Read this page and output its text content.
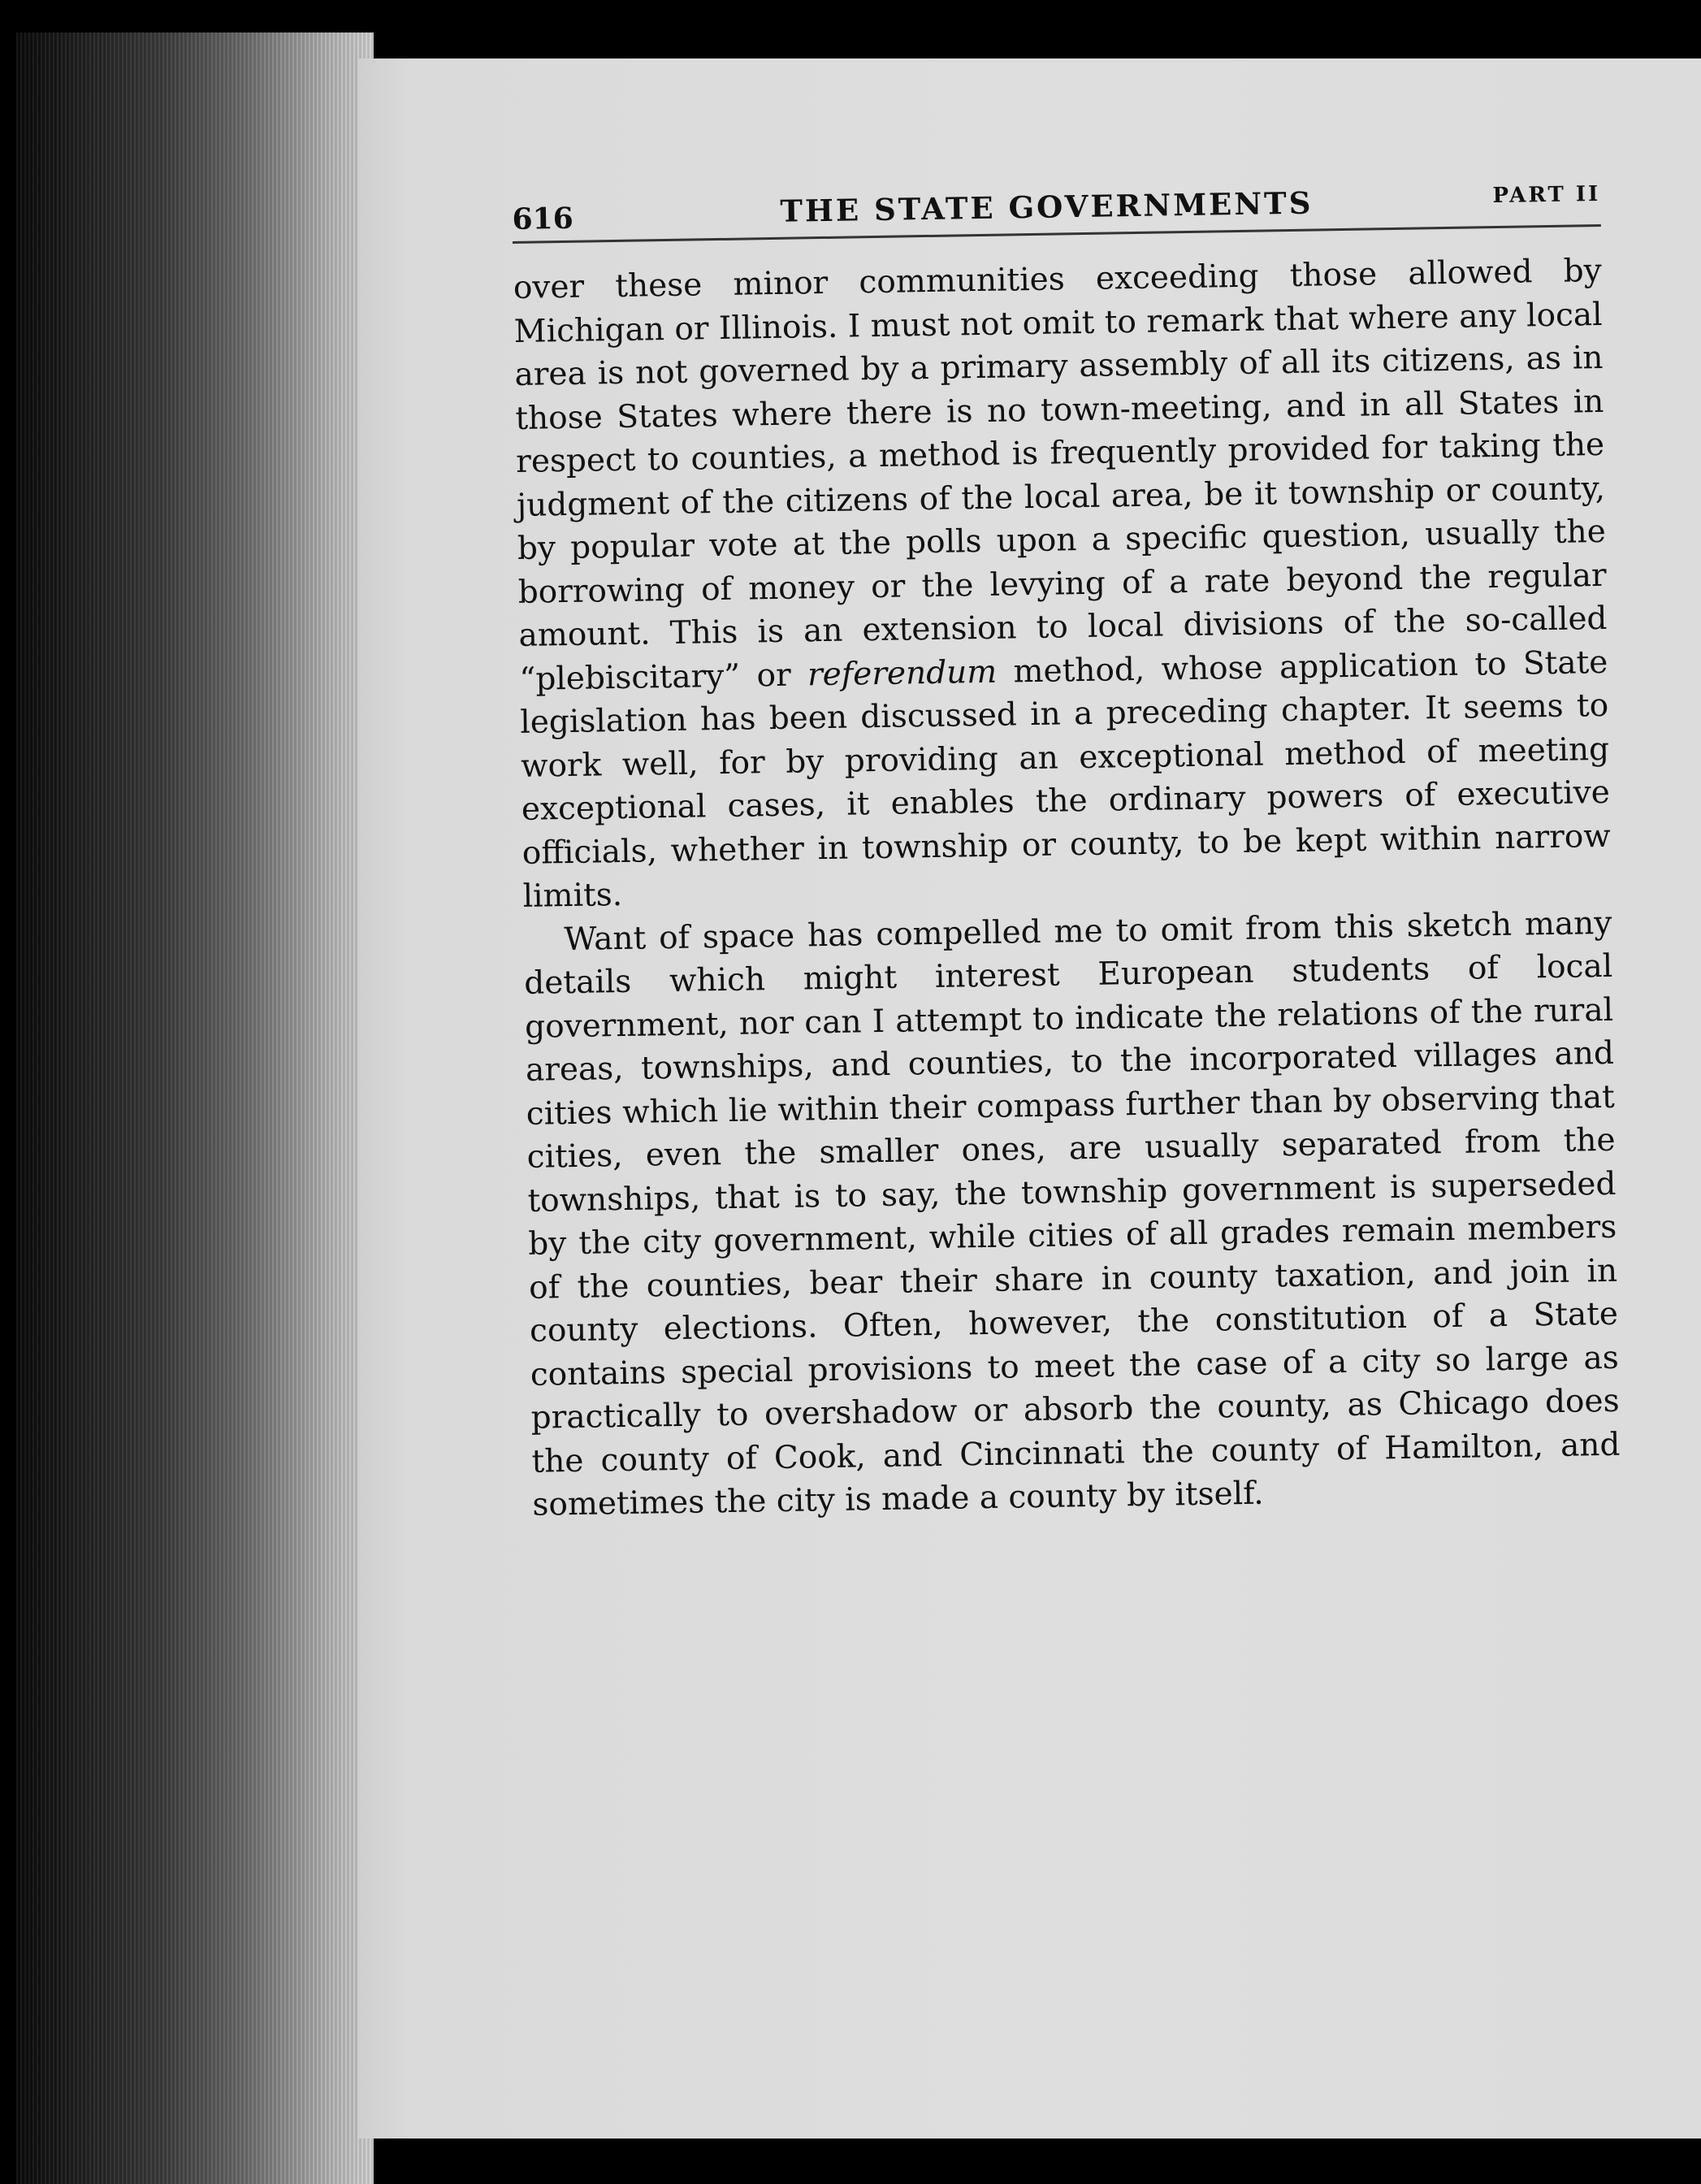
616	THE STATE GOVERNMENTS	PART II

over these minor communities exceeding those allowed by Michigan or Illinois. I must not omit to remark that where any local area is not governed by a primary assembly of all its citizens, as in those States where there is no town-meeting, and in all States in respect to counties, a method is frequently provided for taking the judgment of the citizens of the local area, be it township or county, by popular vote at the polls upon a specific question, usually the borrowing of money or the levying of a rate beyond the regular amount. This is an extension to local divisions of the so-called “plebiscitary” or referendum method, whose application to State legislation has been discussed in a preceding chapter. It seems to work well, for by providing an exceptional method of meeting exceptional cases, it enables the ordinary powers of executive officials, whether in township or county, to be kept within narrow limits.

Want of space has compelled me to omit from this sketch many details which might interest European students of local government, nor can I attempt to indicate the relations of the rural areas, townships, and counties, to the incorporated villages and cities which lie within their compass further than by observing that cities, even the smaller ones, are usually separated from the townships, that is to say, the township government is superseded by the city government, while cities of all grades remain members of the counties, bear their share in county taxation, and join in county elections. Often, however, the constitution of a State contains special provisions to meet the case of a city so large as practically to overshadow or absorb the county, as Chicago does the county of Cook, and Cincinnati the county of Hamilton, and sometimes the city is made a county by itself.
